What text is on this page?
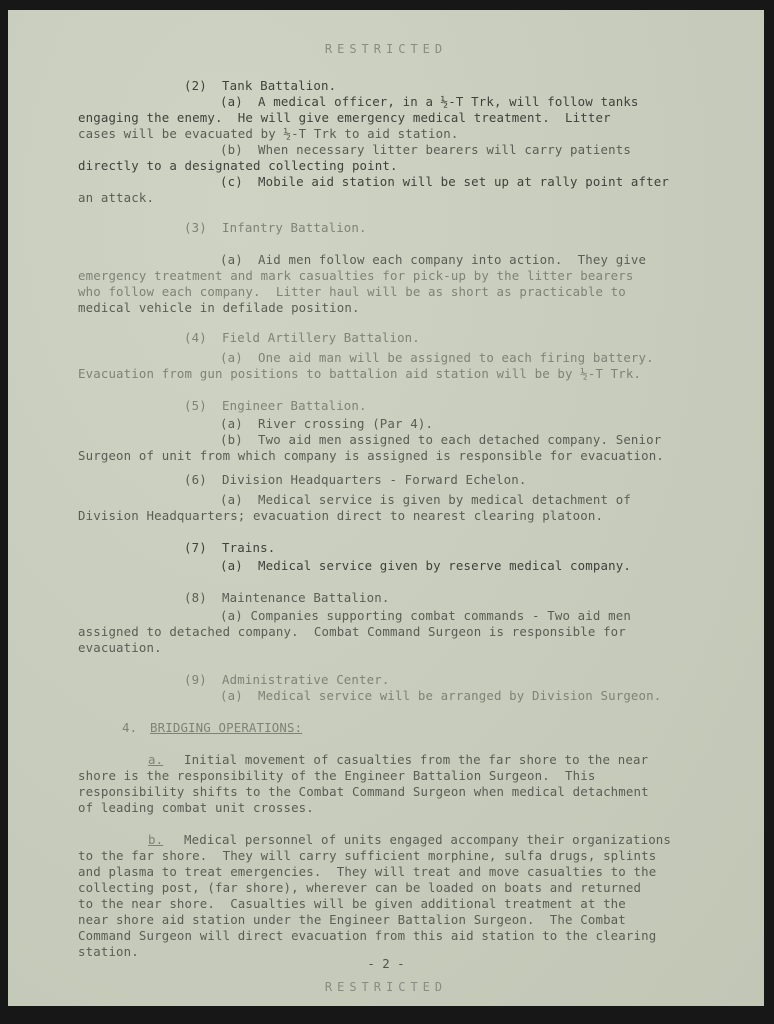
RESTRICTED
(2)  Tank Battalion.
(a)  A medical officer, in a ½-T Trk, will follow tanks
engaging the enemy.  He will give emergency medical treatment.  Litter
cases will be evacuated by ½-T Trk to aid station.
(b)  When necessary litter bearers will carry patients
directly to a designated collecting point.
(c)  Mobile aid station will be set up at rally point after
an attack.
(3)  Infantry Battalion.
(a)  Aid men follow each company into action.  They give
emergency treatment and mark casualties for pick-up by the litter bearers
who follow each company.  Litter haul will be as short as practicable to
medical vehicle in defilade position.
(4)  Field Artillery Battalion.
(a)  One aid man will be assigned to each firing battery.
Evacuation from gun positions to battalion aid station will be by ½-T Trk.
(5)  Engineer Battalion.
(a)  River crossing (Par 4).
(b)  Two aid men assigned to each detached company. Senior
Surgeon of unit from which company is assigned is responsible for evacuation.
(6)  Division Headquarters - Forward Echelon.
(a)  Medical service is given by medical detachment of
Division Headquarters; evacuation direct to nearest clearing platoon.
(7)  Trains.
(a)  Medical service given by reserve medical company.
(8)  Maintenance Battalion.
(a) Companies supporting combat commands - Two aid men
assigned to detached company.  Combat Command Surgeon is responsible for
evacuation.
(9)  Administrative Center.
(a)  Medical service will be arranged by Division Surgeon.
4. BRIDGING OPERATIONS:
a. Initial movement of casualties from the far shore to the near
shore is the responsibility of the Engineer Battalion Surgeon.  This
responsibility shifts to the Combat Command Surgeon when medical detachment
of leading combat unit crosses.
b. Medical personnel of units engaged accompany their organizations
to the far shore.  They will carry sufficient morphine, sulfa drugs, splints
and plasma to treat emergencies.  They will treat and move casualties to the
collecting post, (far shore), wherever can be loaded on boats and returned
to the near shore.  Casualties will be given additional treatment at the
near shore aid station under the Engineer Battalion Surgeon.  The Combat
Command Surgeon will direct evacuation from this aid station to the clearing
station.
- 2 -
RESTRICTED
